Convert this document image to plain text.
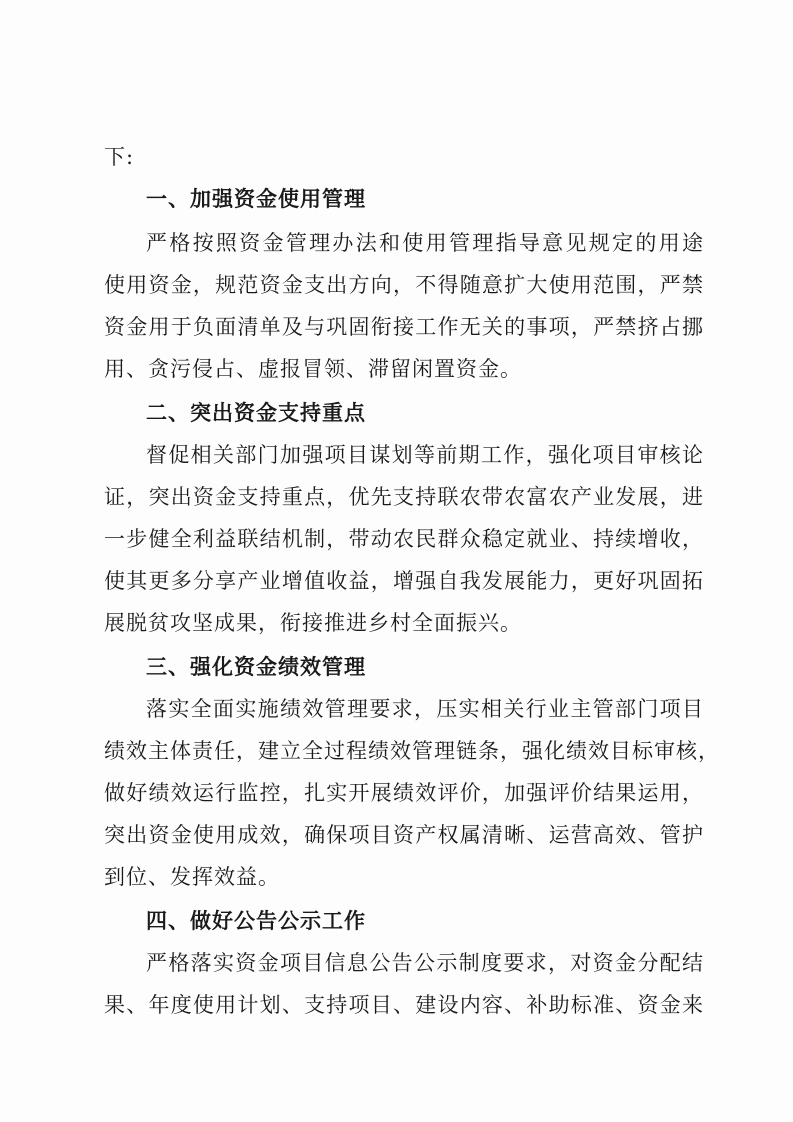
下:
一、加强资金使用管理
严格按照资金管理办法和使用管理指导意见规定的用途
使用资金，规范资金支出方向，不得随意扩大使用范围，严禁
资金用于负面清单及与巩固衔接工作无关的事项，严禁挤占挪
用、贪污侵占、虚报冒领、滞留闲置资金。
二、突出资金支持重点
督促相关部门加强项目谋划等前期工作，强化项目审核论
证，突出资金支持重点，优先支持联农带农富农产业发展，进
一步健全利益联结机制，带动农民群众稳定就业、持续增收，
使其更多分享产业增值收益，增强自我发展能力，更好巩固拓
展脱贫攻坚成果，衔接推进乡村全面振兴。
三、强化资金绩效管理
落实全面实施绩效管理要求，压实相关行业主管部门项目
绩效主体责任，建立全过程绩效管理链条，强化绩效目标审核，
做好绩效运行监控，扎实开展绩效评价，加强评价结果运用，
突出资金使用成效，确保项目资产权属清晰、运营高效、管护
到位、发挥效益。
四、做好公告公示工作
严格落实资金项目信息公告公示制度要求，对资金分配结
果、年度使用计划、支持项目、建设内容、补助标准、资金来
